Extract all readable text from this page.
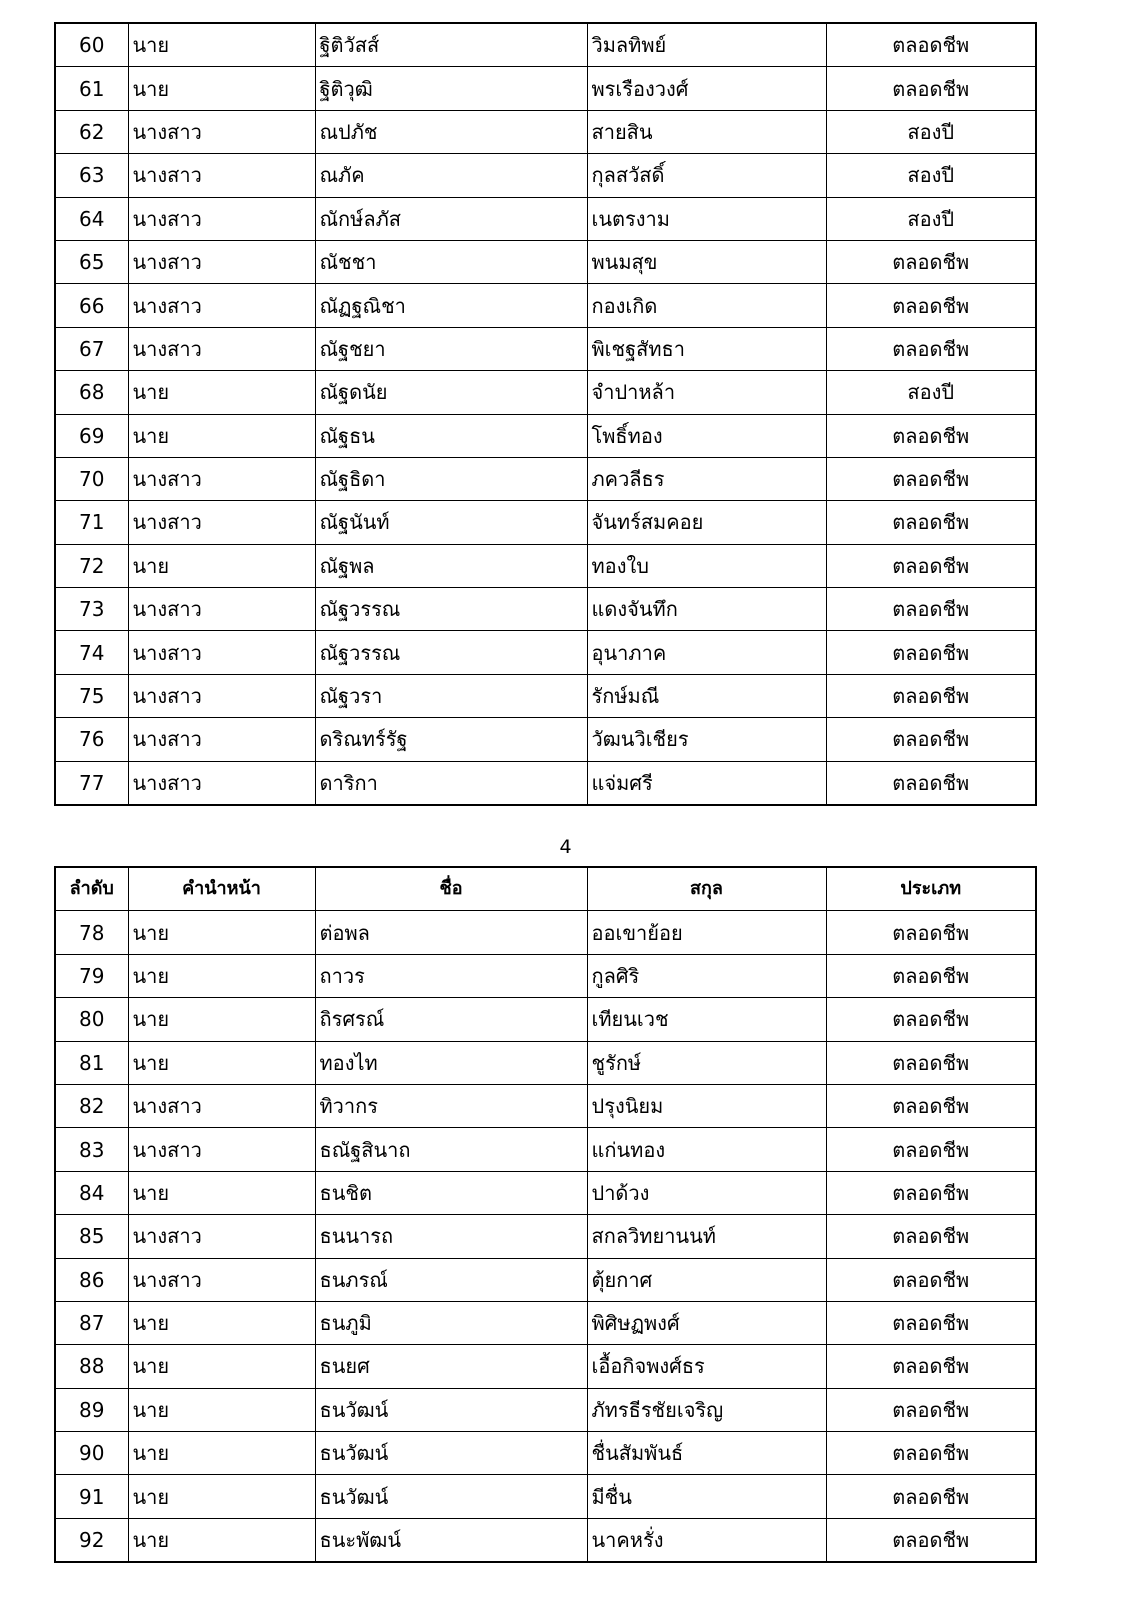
60	นาย	ฐิติวัสส์	วิมลทิพย์	ตลอดชีพ
61	นาย	ฐิติวุฒิ	พรเรืองวงศ์	ตลอดชีพ
62	นางสาว	ณปภัช	สายสิน	สองปี
63	นางสาว	ณภัค	กุลสวัสดิ์	สองปี
64	นางสาว	ณักษ์ลภัส	เนตรงาม	สองปี
65	นางสาว	ณัชชา	พนมสุข	ตลอดชีพ
66	นางสาว	ณัฏฐณิชา	กองเกิด	ตลอดชีพ
67	นางสาว	ณัฐชยา	พิเชฐสัทธา	ตลอดชีพ
68	นาย	ณัฐดนัย	จำปาหล้า	สองปี
69	นาย	ณัฐธน	โพธิ์ทอง	ตลอดชีพ
70	นางสาว	ณัฐธิดา	ภควลีธร	ตลอดชีพ
71	นางสาว	ณัฐนันท์	จันทร์สมคอย	ตลอดชีพ
72	นาย	ณัฐพล	ทองใบ	ตลอดชีพ
73	นางสาว	ณัฐวรรณ	แดงจันทึก	ตลอดชีพ
74	นางสาว	ณัฐวรรณ	อุนาภาค	ตลอดชีพ
75	นางสาว	ณัฐวรา	รักษ์มณี	ตลอดชีพ
76	นางสาว	ดริณทร์รัฐ	วัฒนวิเชียร	ตลอดชีพ
77	นางสาว	ดาริกา	แจ่มศรี	ตลอดชีพ
4
ลำดับ	คำนำหน้า	ชื่อ	สกุล	ประเภท
78	นาย	ต่อพล	ออเขาย้อย	ตลอดชีพ
79	นาย	ถาวร	กูลศิริ	ตลอดชีพ
80	นาย	ถิรศรณ์	เทียนเวช	ตลอดชีพ
81	นาย	ทองไท	ชูรักษ์	ตลอดชีพ
82	นางสาว	ทิวากร	ปรุงนิยม	ตลอดชีพ
83	นางสาว	ธณัฐสินาถ	แก่นทอง	ตลอดชีพ
84	นาย	ธนชิต	ปาด้วง	ตลอดชีพ
85	นางสาว	ธนนารถ	สกลวิทยานนท์	ตลอดชีพ
86	นางสาว	ธนภรณ์	ตุ้ยกาศ	ตลอดชีพ
87	นาย	ธนภูมิ	พิศิษฏพงศ์	ตลอดชีพ
88	นาย	ธนยศ	เอื้อกิจพงศ์ธร	ตลอดชีพ
89	นาย	ธนวัฒน์	ภัทรธีรชัยเจริญ	ตลอดชีพ
90	นาย	ธนวัฒน์	ชื่นสัมพันธ์	ตลอดชีพ
91	นาย	ธนวัฒน์	มีชื่น	ตลอดชีพ
92	นาย	ธนะพัฒน์	นาคหรั่ง	ตลอดชีพ
